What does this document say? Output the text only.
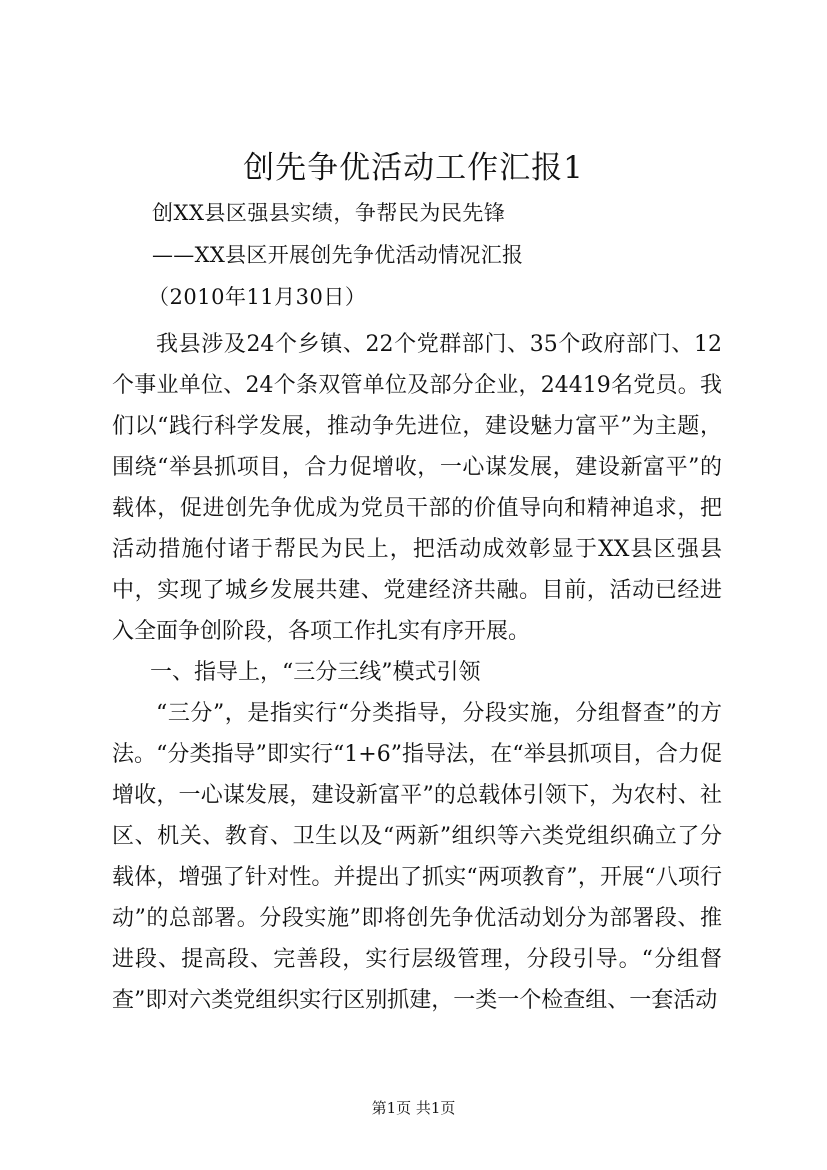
创先争优活动工作汇报1
创XX县区强县实绩，争帮民为民先锋
——XX县区开展创先争优活动情况汇报
（2010年11月30日）

我县涉及24个乡镇、22个党群部门、35个政府部门、12个事业单位、24个条双管单位及部分企业，24419名党员。我们以“践行科学发展，推动争先进位，建设魅力富平”为主题，围绕“举县抓项目，合力促增收，一心谋发展，建设新富平”的载体，促进创先争优成为党员干部的价值导向和精神追求，把活动措施付诸于帮民为民上，把活动成效彰显于XX县区强县中，实现了城乡发展共建、党建经济共融。目前，活动已经进入全面争创阶段，各项工作扎实有序开展。

一、指导上，“三分三线”模式引领

“三分”，是指实行“分类指导，分段实施，分组督查”的方法。“分类指导”即实行“1+6”指导法，在“举县抓项目，合力促增收，一心谋发展，建设新富平”的总载体引领下，为农村、社区、机关、教育、卫生以及“两新”组织等六类党组织确立了分载体，增强了针对性。并提出了抓实“两项教育”，开展“八项行动”的总部署。分段实施”即将创先争优活动划分为部署段、推进段、提高段、完善段，实行层级管理，分段引导。“分组督查”即对六类党组织实行区别抓建，一类一个检查组、一套活动

第1页 共1页
